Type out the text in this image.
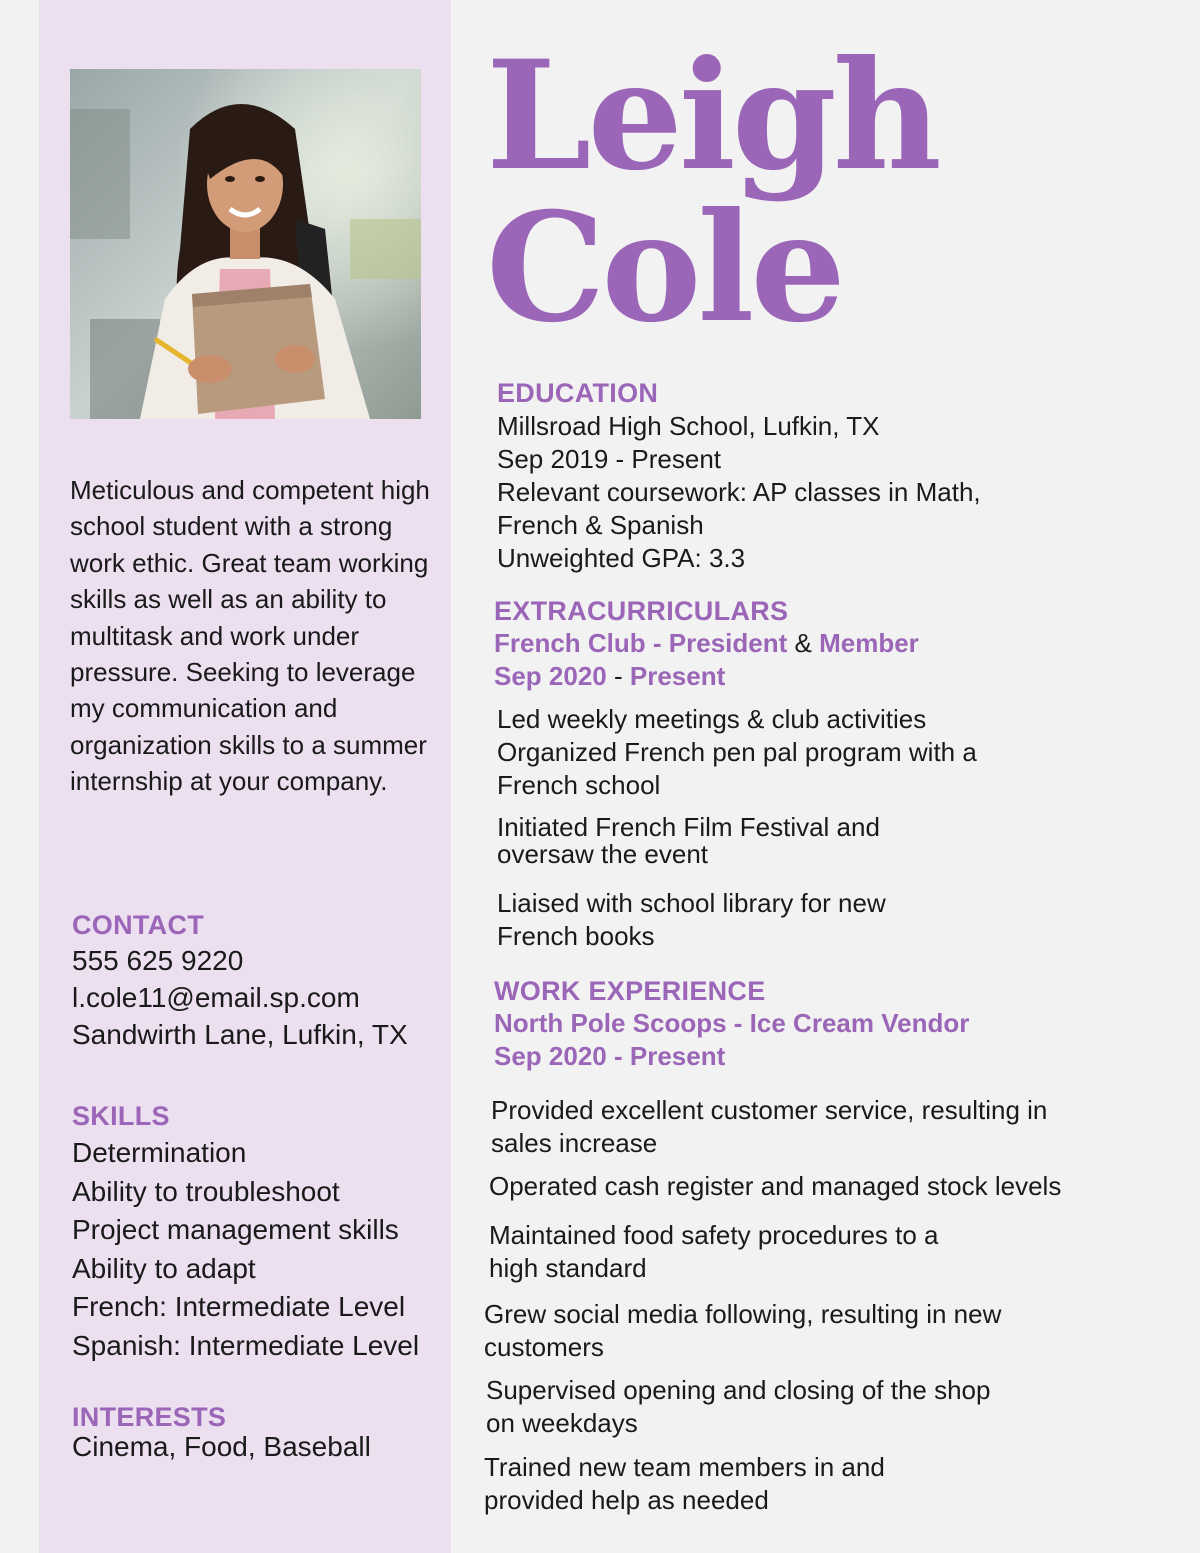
Leigh
Cole
Meticulous and competent high school student with a strong work ethic. Great team working skills as well as an ability to multitask and work under pressure. Seeking to leverage my communication and organization skills to a summer internship at your company.
CONTACT
555 625 9220
l.cole11@email.sp.com
Sandwirth Lane, Lufkin, TX
SKILLS
Determination
Ability to troubleshoot
Project management skills
Ability to adapt
French: Intermediate Level
Spanish: Intermediate Level
INTERESTS
Cinema, Food, Baseball
EDUCATION
Millsroad High School, Lufkin, TX
Sep 2019 - Present
Relevant coursework: AP classes in Math,
French & Spanish
Unweighted GPA: 3.3
EXTRACURRICULARS
French Club - President & Member
Sep 2020 - Present
Led weekly meetings & club activities
Organized French pen pal program with a
French school
Initiated French Film Festival and
oversaw the event
Liaised with school library for new
French books
WORK EXPERIENCE
North Pole Scoops - Ice Cream Vendor
Sep 2020 - Present
Provided excellent customer service, resulting in
sales increase
Operated cash register and managed stock levels
Maintained food safety procedures to a
high standard
Grew social media following, resulting in new
customers
Supervised opening and closing of the shop
on weekdays
Trained new team members in and
provided help as needed
